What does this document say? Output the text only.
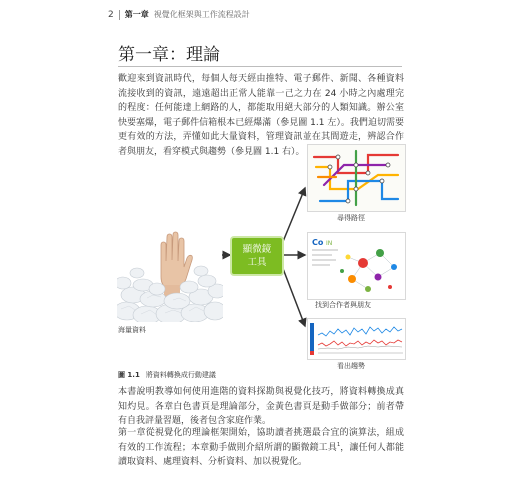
2 第一章 視覺化框架與工作流程設計
第一章：理論
歡迎來到資訊時代，每個人每天經由推特、電子郵件、新聞、各種資料流接收到的資訊，遠遠超出正常人能靠一己之力在 24 小時之內處理完的程度：任何能達上網路的人，都能取用絕大部分的人類知識。辦公室快要塞爆，電子郵件信箱根本已經爆滿（參見圖 1.1 左）。我們迫切需要更有效的方法，弄懂如此大量資料，管理資訊並在其間遊走，辨認合作者與朋友，看穿模式與趨勢（參見圖 1.1 右）。
海量資料
顯微鏡
工具
尋得路徑
Co IN
找到合作者與朋友
看出趨勢
圖 1.1 將資料轉換成行動建議
本書說明教導如何使用進階的資料探勘與視覺化技巧，將資料轉換成真知灼見。各章白色書頁是理論部分，金黃色書頁是動手做部分；前者帶有自我評量習題，後者包含家庭作業。
第一章從視覺化的理論框架開始，協助讀者挑選最合宜的演算法，組成有效的工作流程；本章動手做則介紹所謂的顯微鏡工具$^1$，讓任何人都能讀取資料、處理資料、分析資料、加以視覺化。
